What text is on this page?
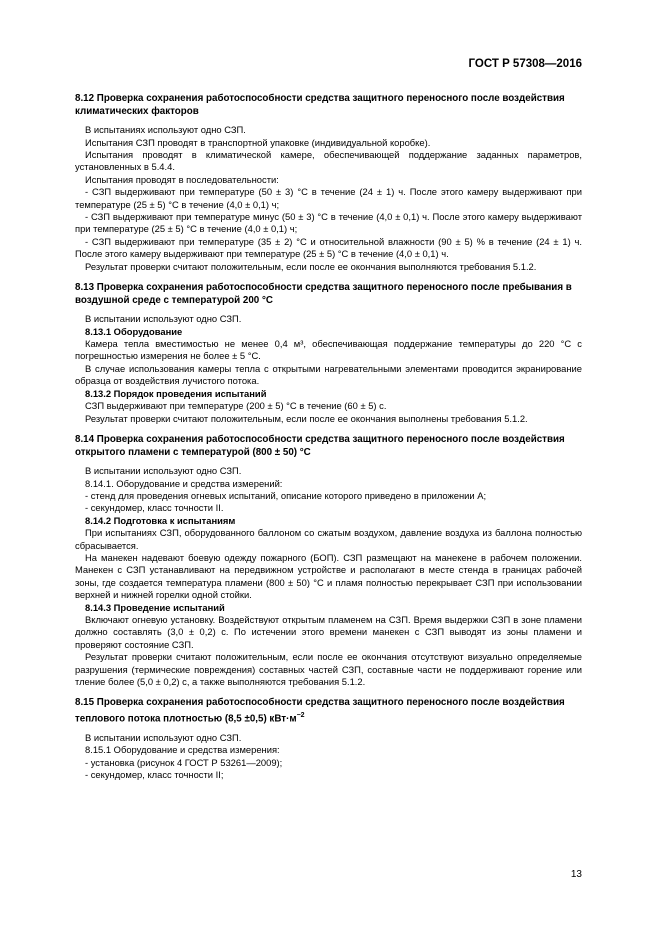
ГОСТ Р 57308—2016
8.12 Проверка сохранения работоспособности средства защитного переносного после воздействия климатических факторов

В испытаниях используют одно СЗП.

Испытания СЗП проводят в транспортной упаковке (индивидуальной коробке).

Испытания проводят в климатической камере, обеспечивающей поддержание заданных параметров, установленных в 5.4.4.

Испытания проводят в последовательности:

- СЗП выдерживают при температуре (50 ± 3) °С в течение (24 ± 1) ч. После этого камеру выдерживают при температуре (25 ± 5) °С в течение (4,0 ± 0,1) ч;

- СЗП выдерживают при температуре минус (50 ± 3) °С в течение (4,0 ± 0,1) ч. После этого камеру выдерживают при температуре (25 ± 5) °С в течение (4,0 ± 0,1) ч;

- СЗП выдерживают при температуре (35 ± 2) °С и относительной влажности (90 ± 5) % в течение (24 ± 1) ч. После этого камеру выдерживают при температуре (25 ± 5) °С в течение (4,0 ± 0,1) ч.

Результат проверки считают положительным, если после ее окончания выполняются требования 5.1.2.

8.13 Проверка сохранения работоспособности средства защитного переносного после пребывания в воздушной среде с температурой 200 °С

В испытании используют одно СЗП.

8.13.1 Оборудование

Камера тепла вместимостью не менее 0,4 м³, обеспечивающая поддержание температуры до 220 °С с погрешностью измерения не более ± 5 °С.

В случае использования камеры тепла с открытыми нагревательными элементами проводится экранирование образца от воздействия лучистого потока.

8.13.2 Порядок проведения испытаний

СЗП выдерживают при температуре (200 ± 5) °С в течение (60 ± 5) с.

Результат проверки считают положительным, если после ее окончания выполнены требования 5.1.2.

8.14 Проверка сохранения работоспособности средства защитного переносного после воздействия открытого пламени с температурой (800 ± 50) °С

В испытании используют одно СЗП.

8.14.1. Оборудование и средства измерений:

- стенд для проведения огневых испытаний, описание которого приведено в приложении А;

- секундомер, класс точности II.

8.14.2 Подготовка к испытаниям

При испытаниях СЗП, оборудованного баллоном со сжатым воздухом, давление воздуха из баллона полностью сбрасывается.

На манекен надевают боевую одежду пожарного (БОП). СЗП размещают на манекене в рабочем положении. Манекен с СЗП устанавливают на передвижном устройстве и располагают в месте стенда в границах рабочей зоны, где создается температура пламени (800 ± 50) °С и пламя полностью перекрывает СЗП при использовании верхней и нижней горелки одной стойки.

8.14.3 Проведение испытаний

Включают огневую установку. Воздействуют открытым пламенем на СЗП. Время выдержки СЗП в зоне пламени должно составлять (3,0 ± 0,2) с. По истечении этого времени манекен с СЗП выводят из зоны пламени и проверяют состояние СЗП.

Результат проверки считают положительным, если после ее окончания отсутствуют визуально определяемые разрушения (термические повреждения) составных частей СЗП, составные части не поддерживают горение или тление более (5,0 ± 0,2) с, а также выполняются требования 5.1.2.

8.15 Проверка сохранения работоспособности средства защитного переносного после воздействия теплового потока плотностью (8,5 ±0,5) $кВт\cdot м^{-2}$

В испытании используют одно СЗП.

8.15.1 Оборудование и средства измерения:

- установка (рисунок 4 ГОСТ Р 53261—2009);

- секундомер, класс точности II;

13
